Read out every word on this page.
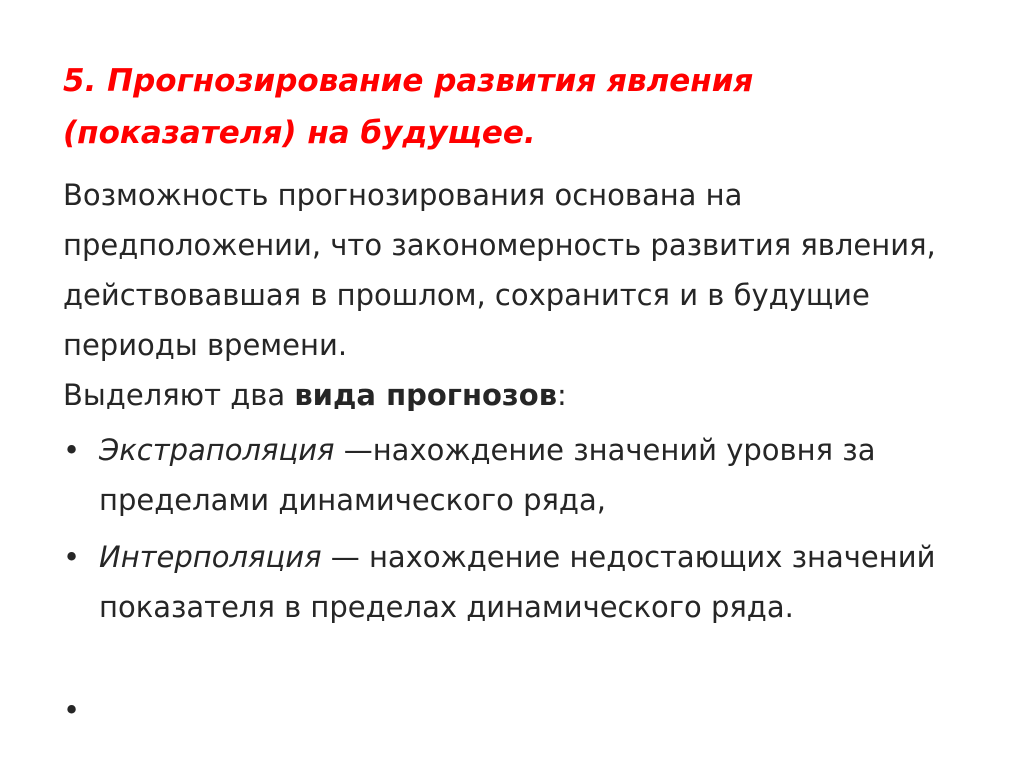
5. Прогнозирование развития явления (показателя) на будущее.
Возможность прогнозирования основана на предположении, что закономерность развития явления, действовавшая в прошлом, сохранится и в будущие периоды времени.
Выделяют два вида прогнозов:
• Экстраполяция —нахождение значений уровня за пределами динамического ряда,
• Интерполяция — нахождение недостающих значений показателя в пределах динамического ряда.
•
